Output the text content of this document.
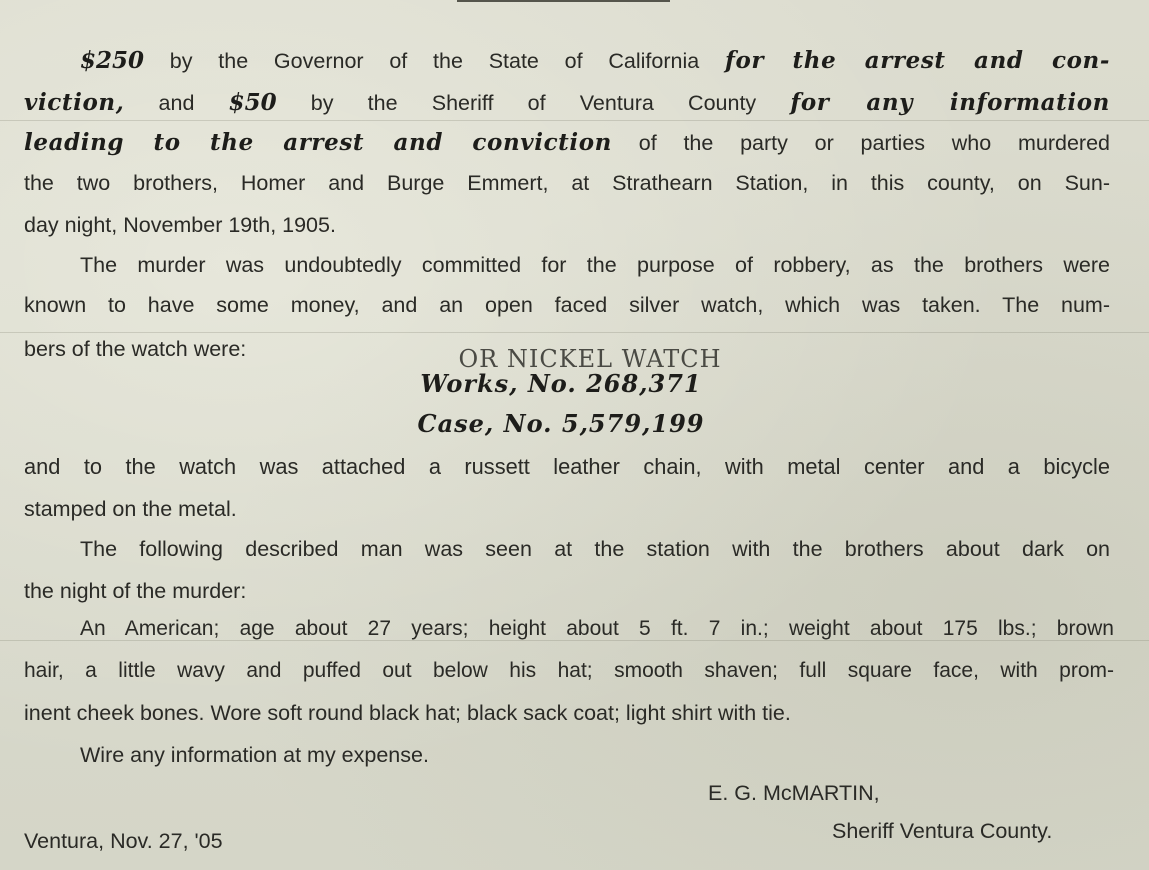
$250 by the Governor of the State of California for the arrest and con-
viction, and $50 by the Sheriff of Ventura County for any information
leading to the arrest and conviction of the party or parties who murdered
the two brothers, Homer and Burge Emmert, at Strathearn Station, in this county, on Sun-
day night, November 19th, 1905.
The murder was undoubtedly committed for the purpose of robbery, as the brothers were
known to have some money, and an open faced silver watch, which was taken. The num-
bers of the watch were:	OR NICKEL WATCH
Works, No. 268,371
Case, No. 5,579,199
and to the watch was attached a russett leather chain, with metal center and a bicycle
stamped on the metal.
The following described man was seen at the station with the brothers about dark on
the night of the murder:
An American; age about 27 years; height about 5 ft. 7 in.; weight about 175 lbs.; brown
hair, a little wavy and puffed out below his hat; smooth shaven; full square face, with prom-
inent cheek bones. Wore soft round black hat; black sack coat; light shirt with tie.
Wire any information at my expense.
E. G. McMARTIN,
Ventura, Nov. 27, '05	Sheriff Ventura County.
